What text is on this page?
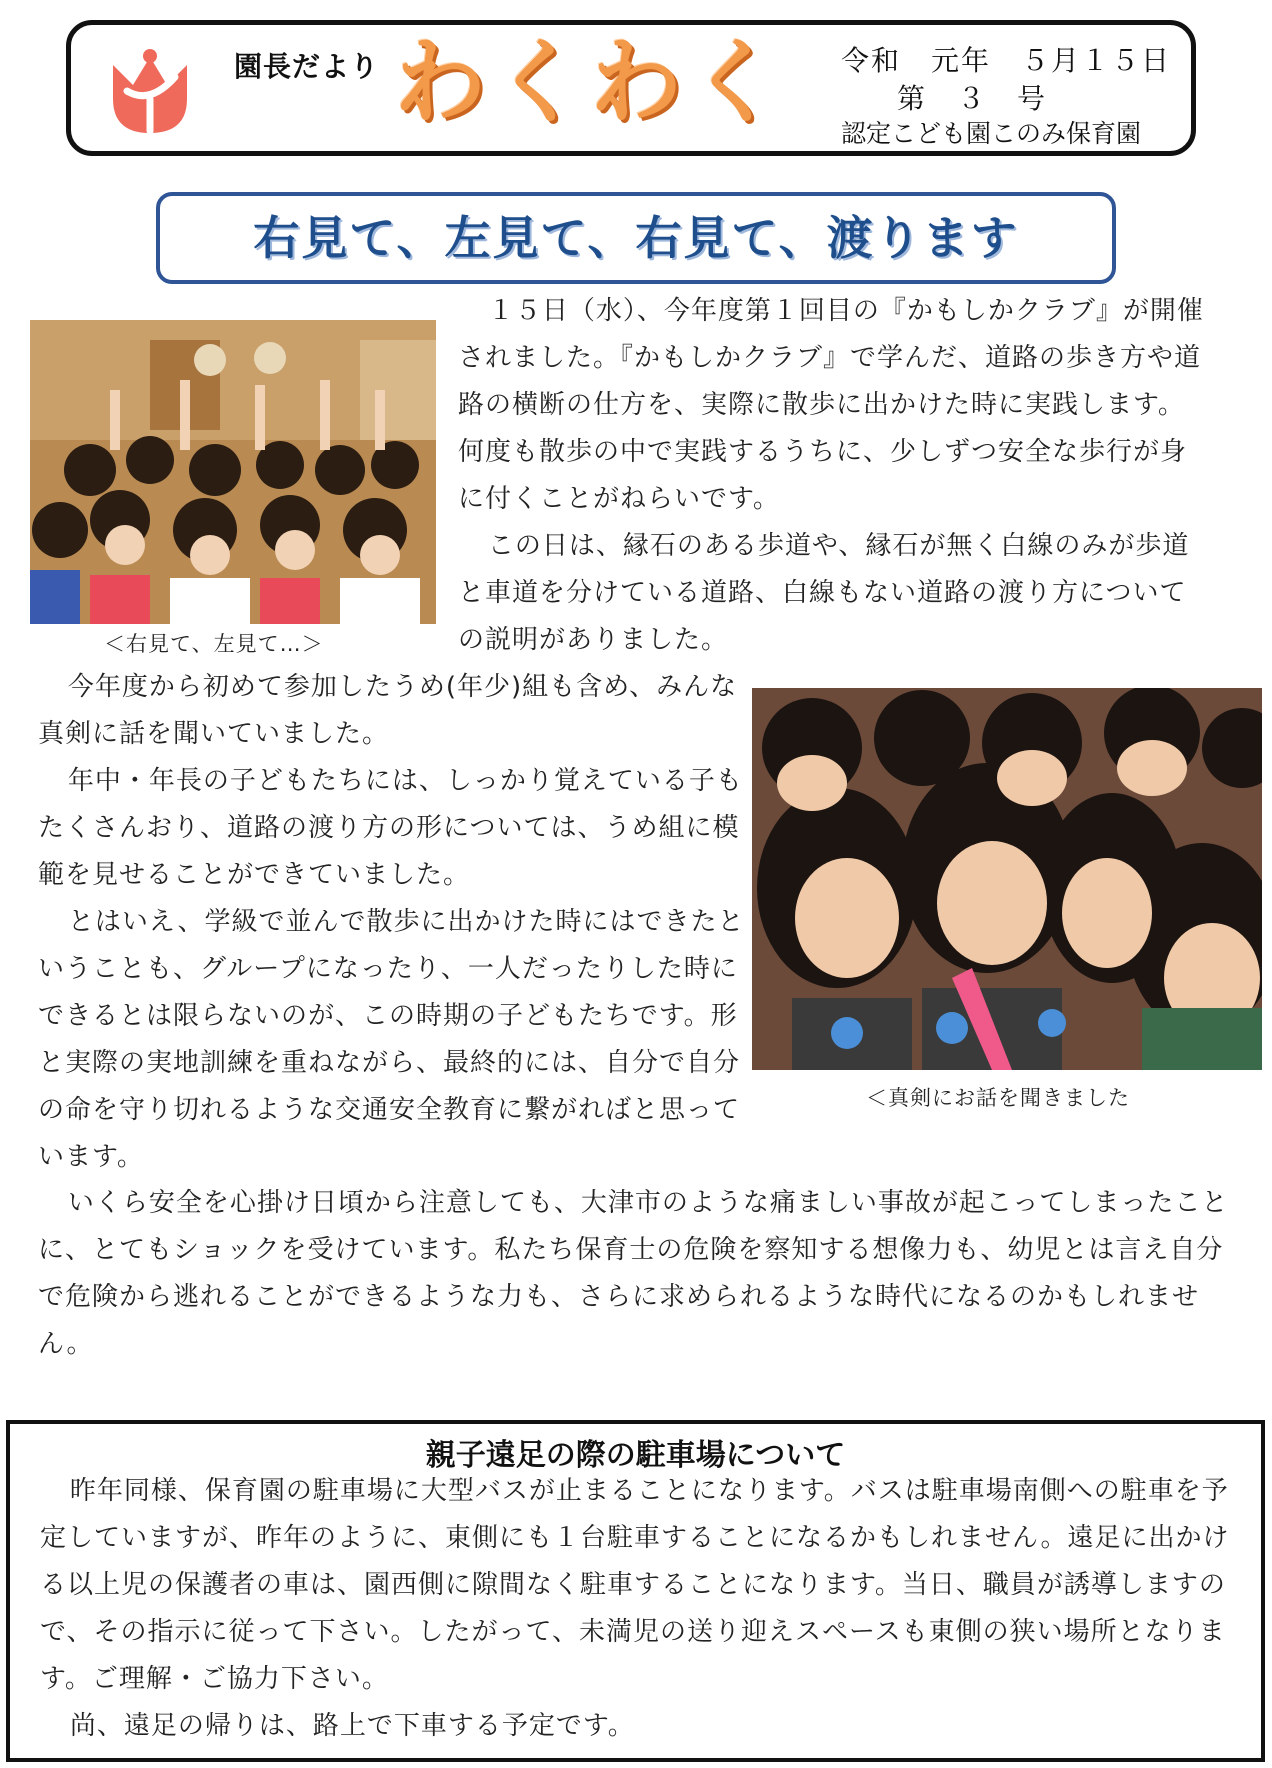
園長だより わくわく 令和　元年　５月１５日
第　３　号
認定こども園このみ保育園
右見て、左見て、右見て、渡ります
１５日（水）、今年度第１回目の『かもしかクラブ』が開催されました。『かもしかクラブ』で学んだ、道路の歩き方や道路の横断の仕方を、実際に散歩に出かけた時に実践します。何度も散歩の中で実践するうちに、少しずつ安全な歩行が身に付くことがねらいです。
この日は、縁石のある歩道や、縁石が無く白線のみが歩道と車道を分けている道路、白線もない道路の渡り方についての説明がありました。
＜右見て、左見て…＞
今年度から初めて参加したうめ(年少)組も含め、みんな真剣に話を聞いていました。
年中・年長の子どもたちには、しっかり覚えている子もたくさんおり、道路の渡り方の形については、うめ組に模範を見せることができていました。
とはいえ、学級で並んで散歩に出かけた時にはできたということも、グループになったり、一人だったりした時にできるとは限らないのが、この時期の子どもたちです。形と実際の実地訓練を重ねながら、最終的には、自分で自分の命を守り切れるような交通安全教育に繋がればと思っています。
＜真剣にお話を聞きました
いくら安全を心掛け日頃から注意しても、大津市のような痛ましい事故が起こってしまったことに、とてもショックを受けています。私たち保育士の危険を察知する想像力も、幼児とは言え自分で危険から逃れることができるような力も、さらに求められるような時代になるのかもしれません。
親子遠足の際の駐車場について
昨年同様、保育園の駐車場に大型バスが止まることになります。バスは駐車場南側への駐車を予定していますが、昨年のように、東側にも１台駐車することになるかもしれません。遠足に出かける以上児の保護者の車は、園西側に隙間なく駐車することになります。当日、職員が誘導しますので、その指示に従って下さい。したがって、未満児の送り迎えスペースも東側の狭い場所となります。ご理解・ご協力下さい。
尚、遠足の帰りは、路上で下車する予定です。
